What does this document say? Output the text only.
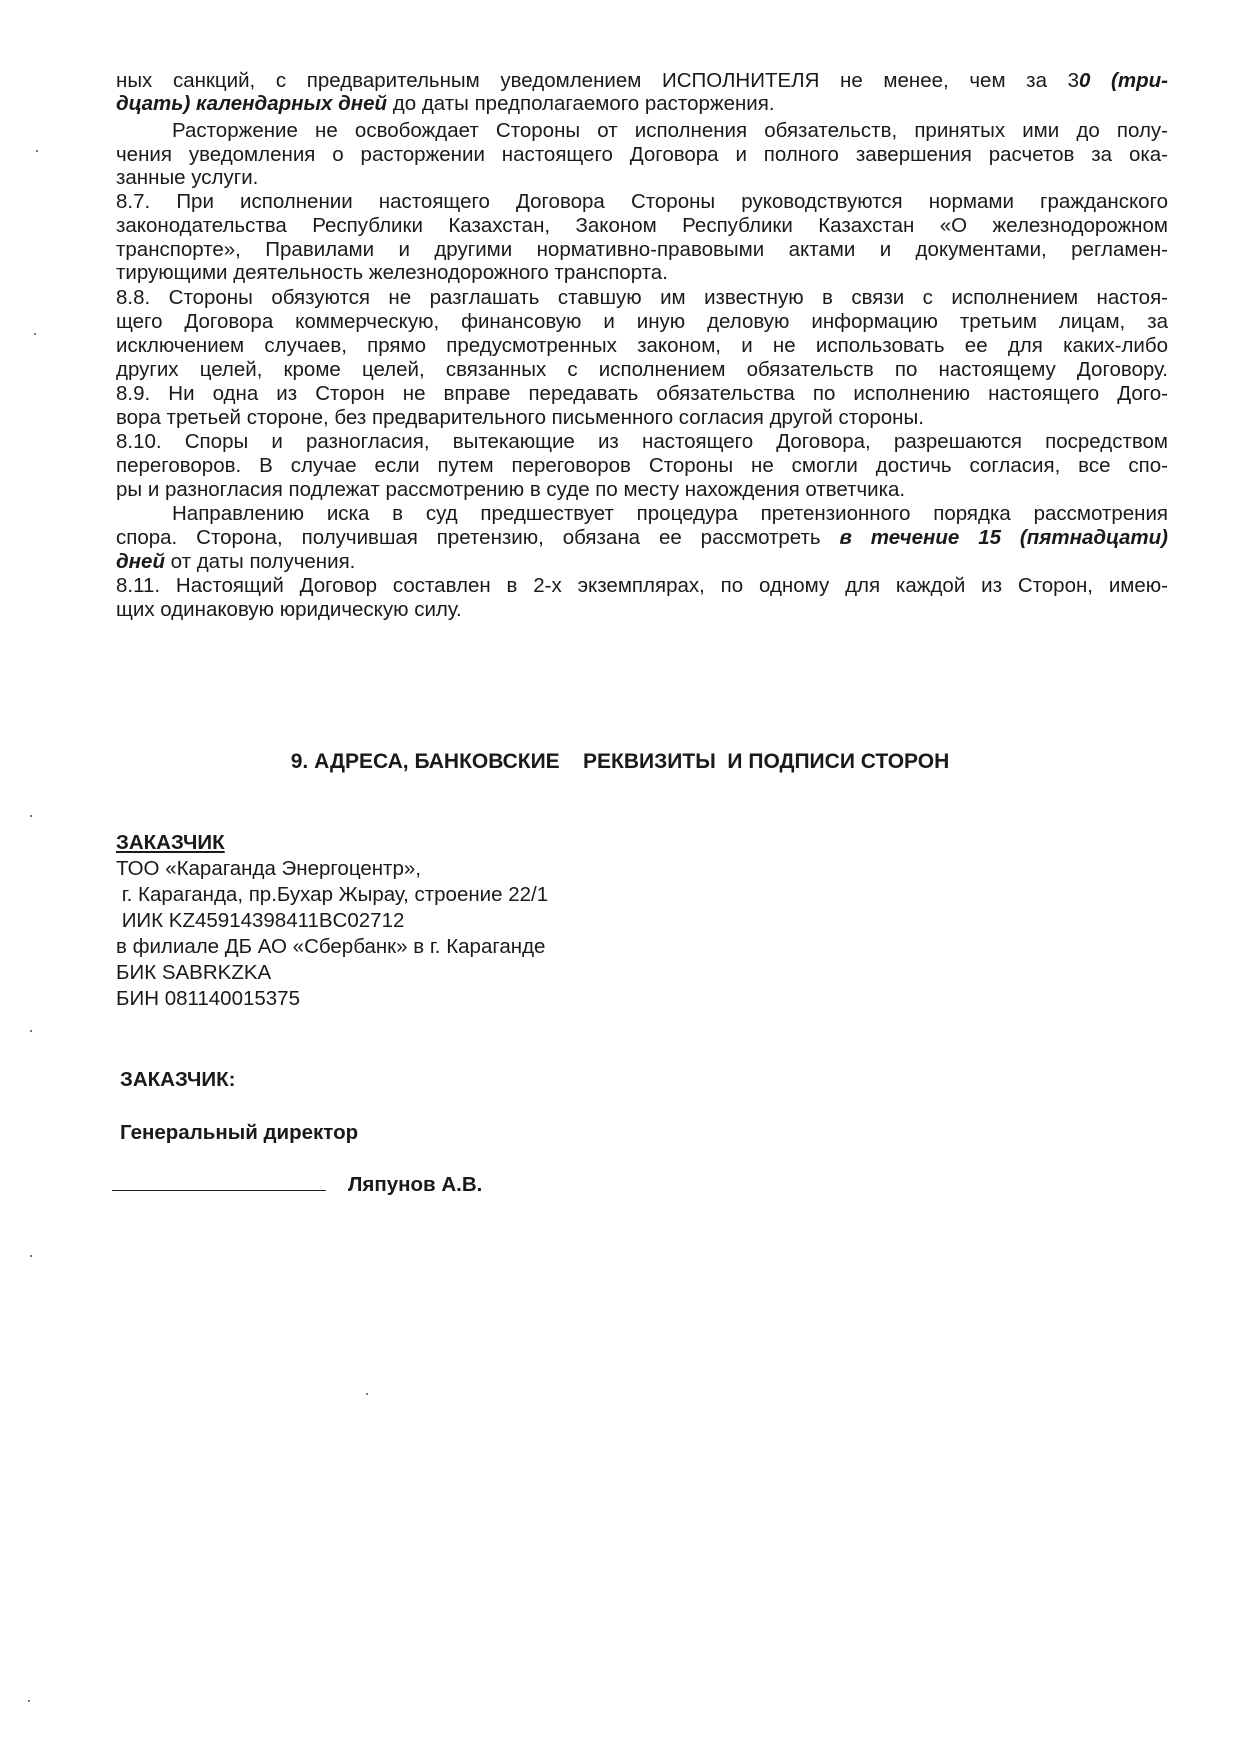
ных санкций, с предварительным уведомлением ИСПОЛНИТЕЛЯ не менее, чем за 30 (три-
дцать) календарных дней до даты предполагаемого расторжения.
Расторжение не освобождает Стороны от исполнения обязательств, принятых ими до полу-
чения уведомления о расторжении настоящего Договора и полного завершения расчетов за ока-
занные услуги.
8.7. При исполнении настоящего Договора Стороны руководствуются нормами гражданского
законодательства Республики Казахстан, Законом Республики Казахстан «О железнодорожном
транспорте», Правилами и другими нормативно-правовыми актами и документами, регламен-
тирующими деятельность железнодорожного транспорта.
8.8. Стороны обязуются не разглашать ставшую им известную в связи с исполнением настоя-
щего Договора коммерческую, финансовую и иную деловую информацию третьим лицам, за
исключением случаев, прямо предусмотренных законом, и не использовать ее для каких-либо
других целей, кроме целей, связанных с исполнением обязательств по настоящему Договору.
8.9. Ни одна из Сторон не вправе передавать обязательства по исполнению настоящего Дого-
вора третьей стороне, без предварительного письменного согласия другой стороны.
8.10. Споры и разногласия, вытекающие из настоящего Договора, разрешаются посредством
переговоров. В случае если путем переговоров Стороны не смогли достичь согласия, все спо-
ры и разногласия подлежат рассмотрению в суде по месту нахождения ответчика.
Направлению иска в суд предшествует процедура претензионного порядка рассмотрения
спора. Сторона, получившая претензию, обязана ее рассмотреть в течение 15 (пятнадцати)
дней от даты получения.
8.11. Настоящий Договор составлен в 2-х экземплярах, по одному для каждой из Сторон, имею-
щих одинаковую юридическую силу.
9. АДРЕСА, БАНКОВСКИЕ    РЕКВИЗИТЫ  И ПОДПИСИ СТОРОН
ЗАКАЗЧИК
ТОО «Караганда Энергоцентр»,
г. Караганда, пр.Бухар Жырау, строение 22/1
ИИК KZ45914398411BC02712
в филиале ДБ АО «Сбербанк» в г. Караганде
БИК SABRKZKA
БИН 081140015375
ЗАКАЗЧИК:
Генеральный директор
Ляпунов А.В.
